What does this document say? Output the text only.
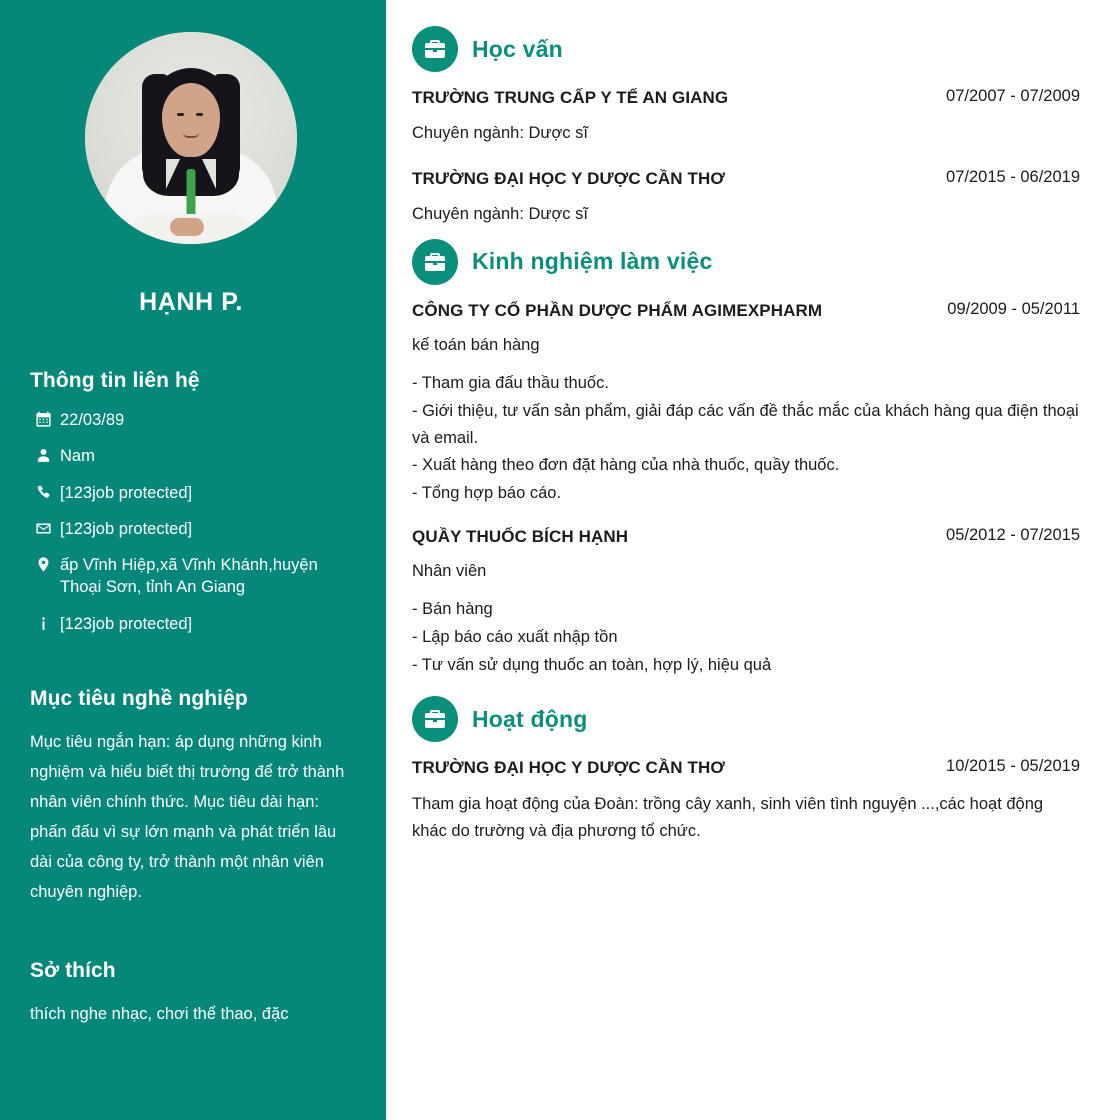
HẠNH P.
Thông tin liên hệ
22/03/89
Nam
[123job protected]
[123job protected]
ấp Vĩnh Hiệp,xã Vĩnh Khánh,huyện Thoại Sơn, tỉnh An Giang
[123job protected]
Mục tiêu nghề nghiệp
Mục tiêu ngắn hạn: áp dụng những kinh nghiệm và hiểu biết thị trường để trở thành nhân viên chính thức. Mục tiêu dài hạn: phấn đấu vì sự lớn mạnh và phát triển lâu dài của công ty, trở thành một nhân viên chuyên nghiệp.
Sở thích
thích nghe nhạc, chơi thể thao, đặc
Học vấn
TRƯỜNG TRUNG CẤP Y TẾ AN GIANG	07/2007 - 07/2009
Chuyên ngành: Dược sĩ
TRƯỜNG ĐẠI HỌC Y DƯỢC CẦN THƠ	07/2015 - 06/2019
Chuyên ngành: Dược sĩ
Kinh nghiệm làm việc
CÔNG TY CỔ PHẦN DƯỢC PHẨM AGIMEXPHARM	09/2009 - 05/2011
kế toán bán hàng
- Tham gia đấu thầu thuốc.
- Giới thiệu, tư vấn sản phẩm, giải đáp các vấn đề thắc mắc của khách hàng qua điện thoại và email.
- Xuất hàng theo đơn đặt hàng của nhà thuốc, quầy thuốc.
- Tổng hợp báo cáo.
QUẦY THUỐC BÍCH HẠNH	05/2012 - 07/2015
Nhân viên
- Bán hàng
- Lập báo cáo xuất nhập tồn
- Tư vấn sử dụng thuốc an toàn, hợp lý, hiệu quả
Hoạt động
TRƯỜNG ĐẠI HỌC Y DƯỢC CẦN THƠ	10/2015 - 05/2019
Tham gia hoạt động của Đoàn: trồng cây xanh, sinh viên tình nguyện ...,các hoạt động khác do trường và địa phương tổ chức.
